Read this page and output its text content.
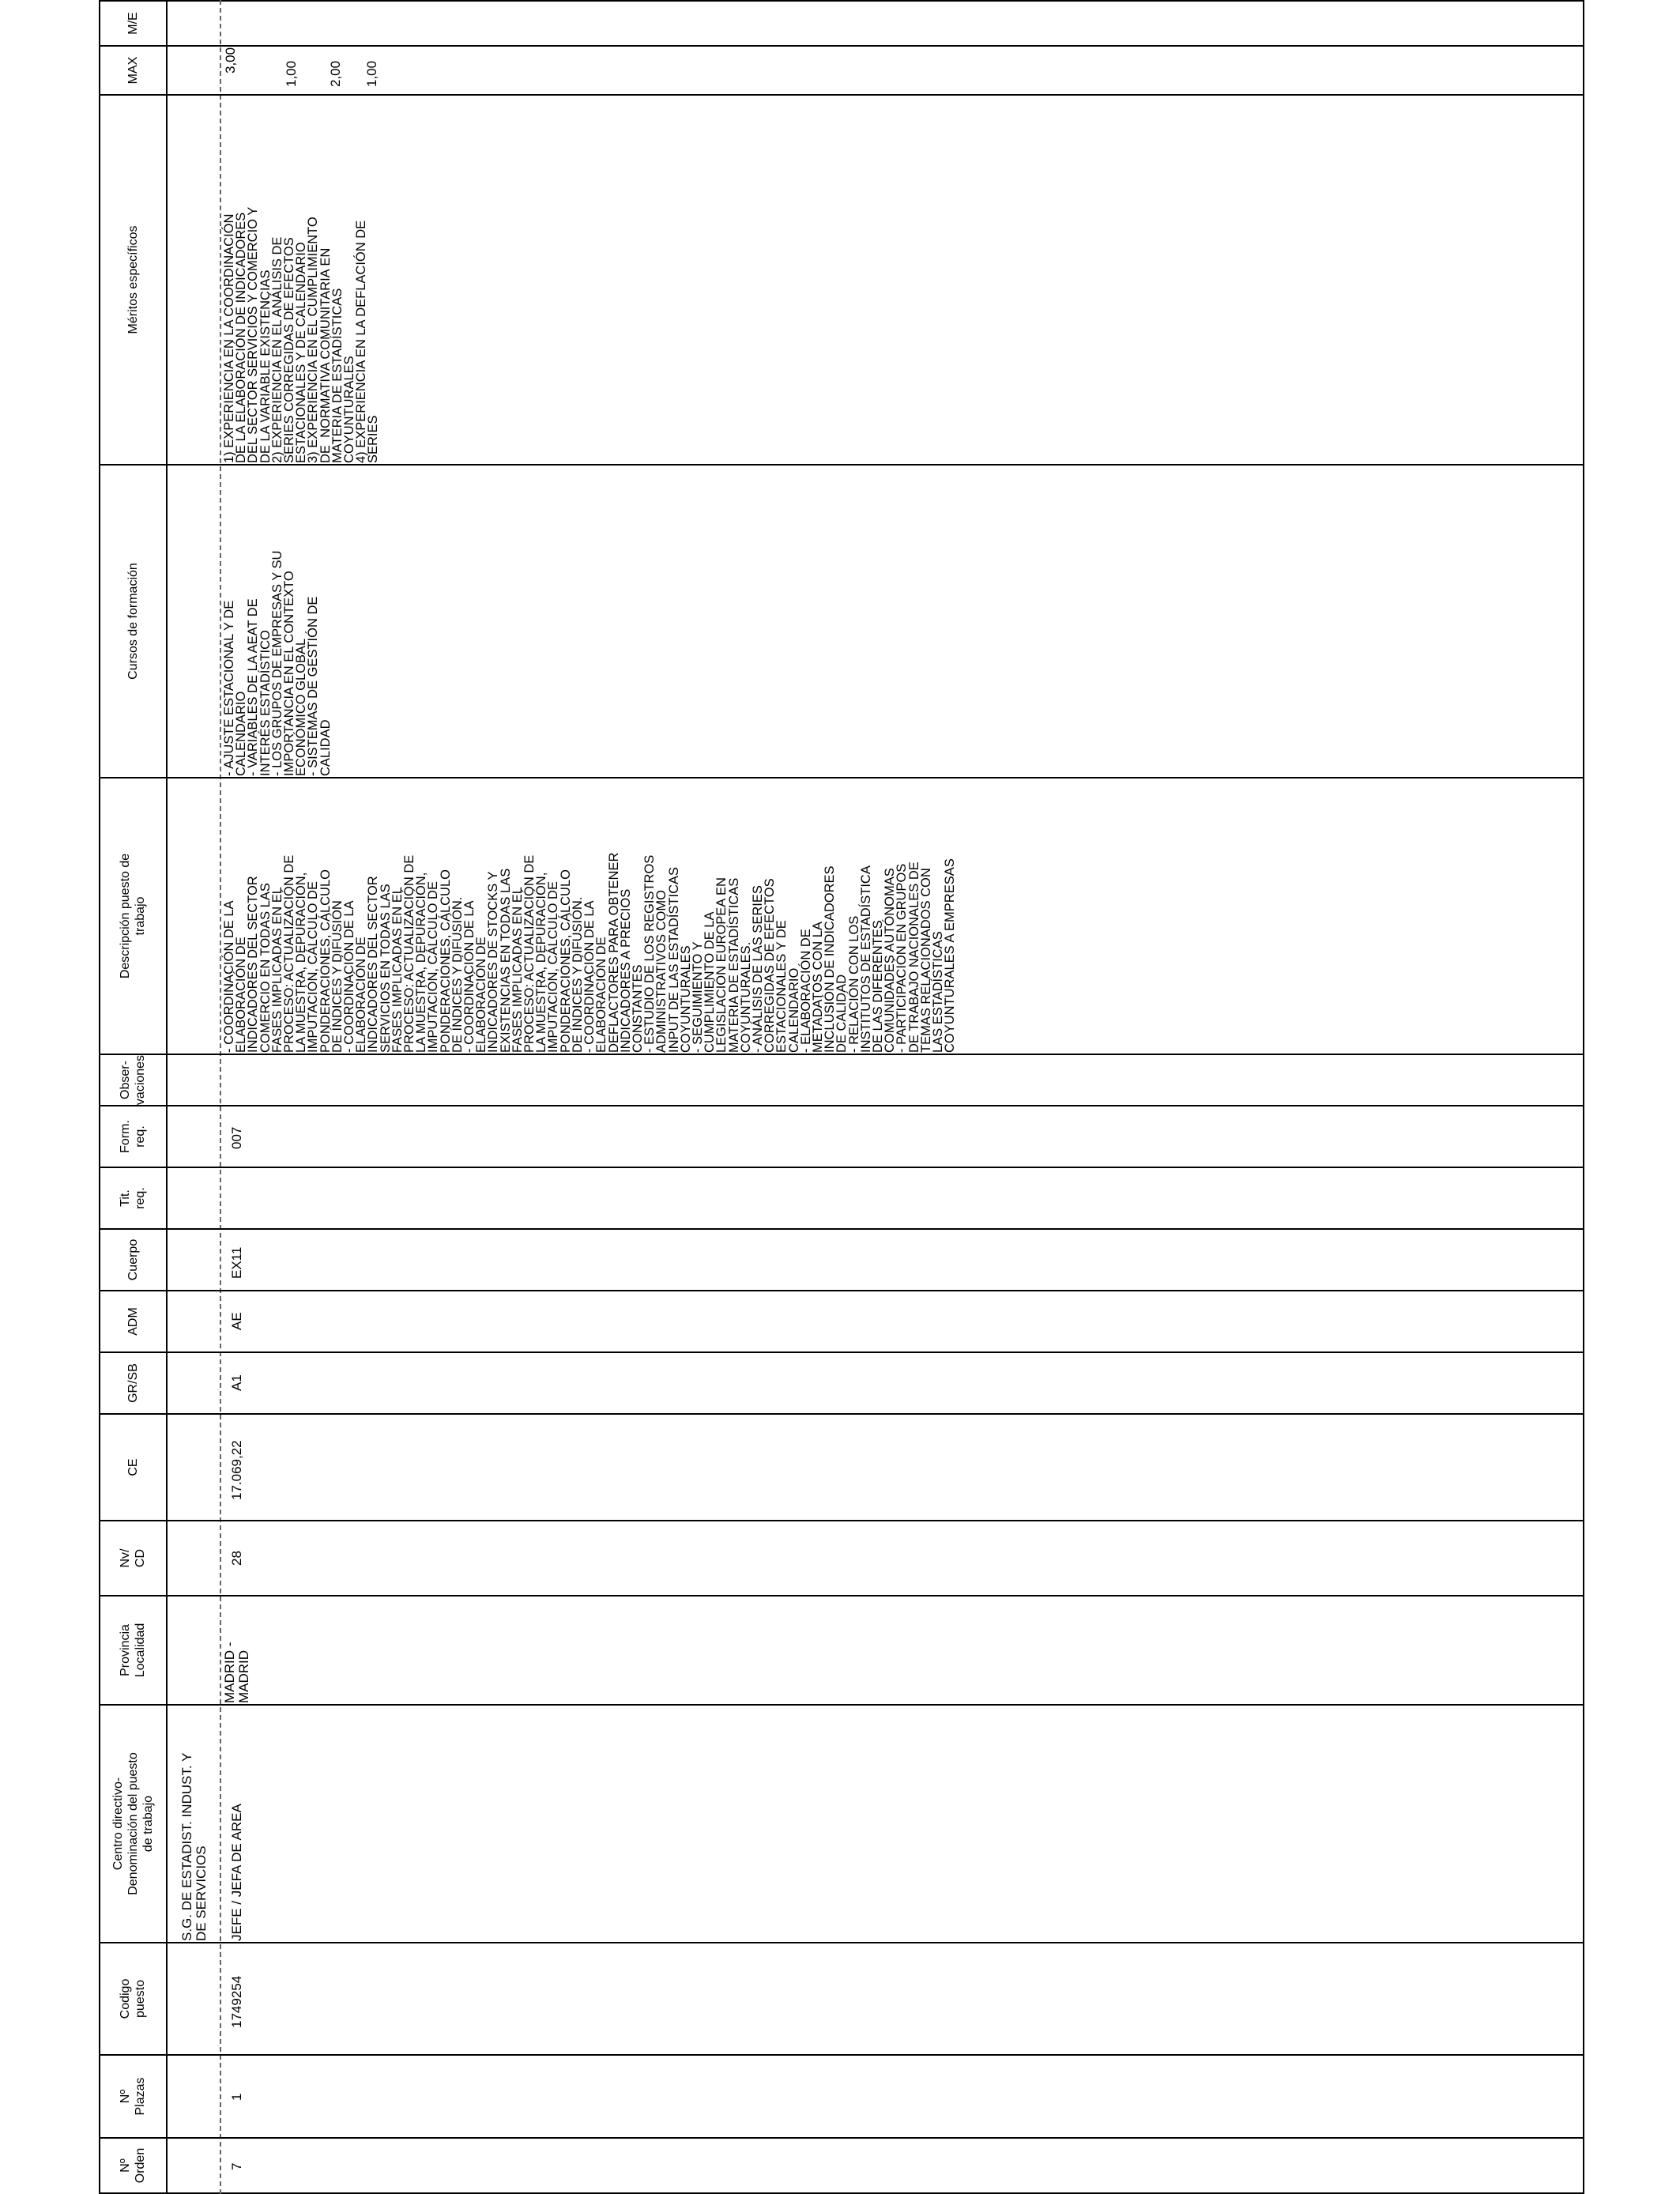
Nº
Orden
Nº
Plazas
Codigo
puesto
Centro directivo-
Denominación del puesto
de trabajo
Provincia
Localidad
Nv/
CD
CE
GR/SB
ADM
Cuerpo
Tit.
req.
Form.
req.
Obser-
vaciones
Descripción puesto de
trabajo
Cursos de formación
Méritos específicos
MAX
M/E
S.G. DE ESTADIST. INDUST. Y
DE SERVICIOS
7
1
1749254
JEFE / JEFA DE AREA
MADRID -
MADRID
28
17.069,22
A1
AE
EX11
007
- COORDINACIÓN DE LA
ELABORACIÓN DE
INDICADORES DEL SECTOR
COMERCIO EN TODAS LAS
FASES IMPLICADAS EN EL
PROCESO: ACTUALIZACIÓN DE
LA MUESTRA, DEPURACIÓN,
IMPUTACIÓN, CÁLCULO DE
PONDERACIONES, CÁLCULO
DE ÍNDICES Y DIFUSIÓN
- COORDINACIÓN DE LA
ELABORACIÓN DE
INDICADORES DEL SECTOR
SERVICIOS EN TODAS LAS
FASES IMPLICADAS EN EL
PROCESO: ACTUALIZACIÓN DE
LA MUESTRA, DEPURACIÓN,
IMPUTACIÓN, CÁLCULO DE
PONDERACIONES, CÁLCULO
DE ÍNDICES Y DIFUSIÓN.
- COORDINACIÓN DE LA
ELABORACIÓN DE
INDICADORES DE STOCKS Y
EXISTENCIAS EN TODAS LAS
FASES IMPLICADAS EN EL
PROCESO: ACTUALIZACIÓN DE
LA MUESTRA, DEPURACIÓN,
IMPUTACIÓN, CÁLCULO DE
PONDERACIONES, CÁLCULO
DE ÍNDICES Y DIFUSIÓN.
- COORDINACIÓN DE LA
ELABORACIÓN DE
DEFLACTORES PARA OBTENER
INDICADORES A PRECIOS
CONSTANTES
- ESTUDIO DE LOS REGISTROS
ADMINISTRATIVOS COMO
INPUT DE LAS ESTADÍSTICAS
COYUNTURALES
- SEGUIMIENTO Y
CUMPLIMIENTO DE LA
LEGISLACIÓN EUROPEA EN
MATERIA DE ESTADÍSTICAS
COYUNTURALES.
- ANÁLISIS DE LAS SERIES
CORREGIDAS DE EFECTOS
ESTACIONALES Y DE
CALENDARIO
- ELABORACIÓN DE
METADATOS CON LA
INCLUSIÓN DE INDICADORES
DE CALIDAD
- RELACIÓN CON LOS
INSTITUTOS DE ESTADÍSTICA
DE LAS DIFERENTES
COMUNIDADES AUTÓNOMAS
- PARTICIPACIÓN EN GRUPOS
DE TRABAJO NACIONALES DE
TEMAS RELACIONADOS CON
LAS ESTADÍSTICAS
COYUNTURALES A EMPRESAS
- AJUSTE ESTACIONAL Y DE
CALENDARIO
- VARIABLES DE LA AEAT DE
INTERÉS ESTADÍSTICO
- LOS GRUPOS DE EMPRESAS Y SU
IMPORTANCIA EN EL CONTEXTO
ECONÓMICO GLOBAL
- SISTEMAS DE GESTIÓN DE
CALIDAD
1) EXPERIENCIA EN LA COORDINACIÓN
DE LA ELABORACIÓN DE INDICADORES
DEL SECTOR SERVICIOS Y COMERCIO Y
DE LA VARIABLE EXISTENCIAS
2) EXPERIENCIA EN EL ANÁLISIS DE
SERIES CORREGIDAS DE EFECTOS
ESTACIONALES Y DE CALENDARIO
3) EXPERIENCIA EN EL CUMPLIMIENTO
DE  NORMATIVA COMUNITARIA EN
MATERIA DE ESTADÍSTICAS
COYUNTURALES
4) EXPERIENCIA EN LA DEFLACIÓN DE
SERIES
3,00
1,00 2,00 1,00
